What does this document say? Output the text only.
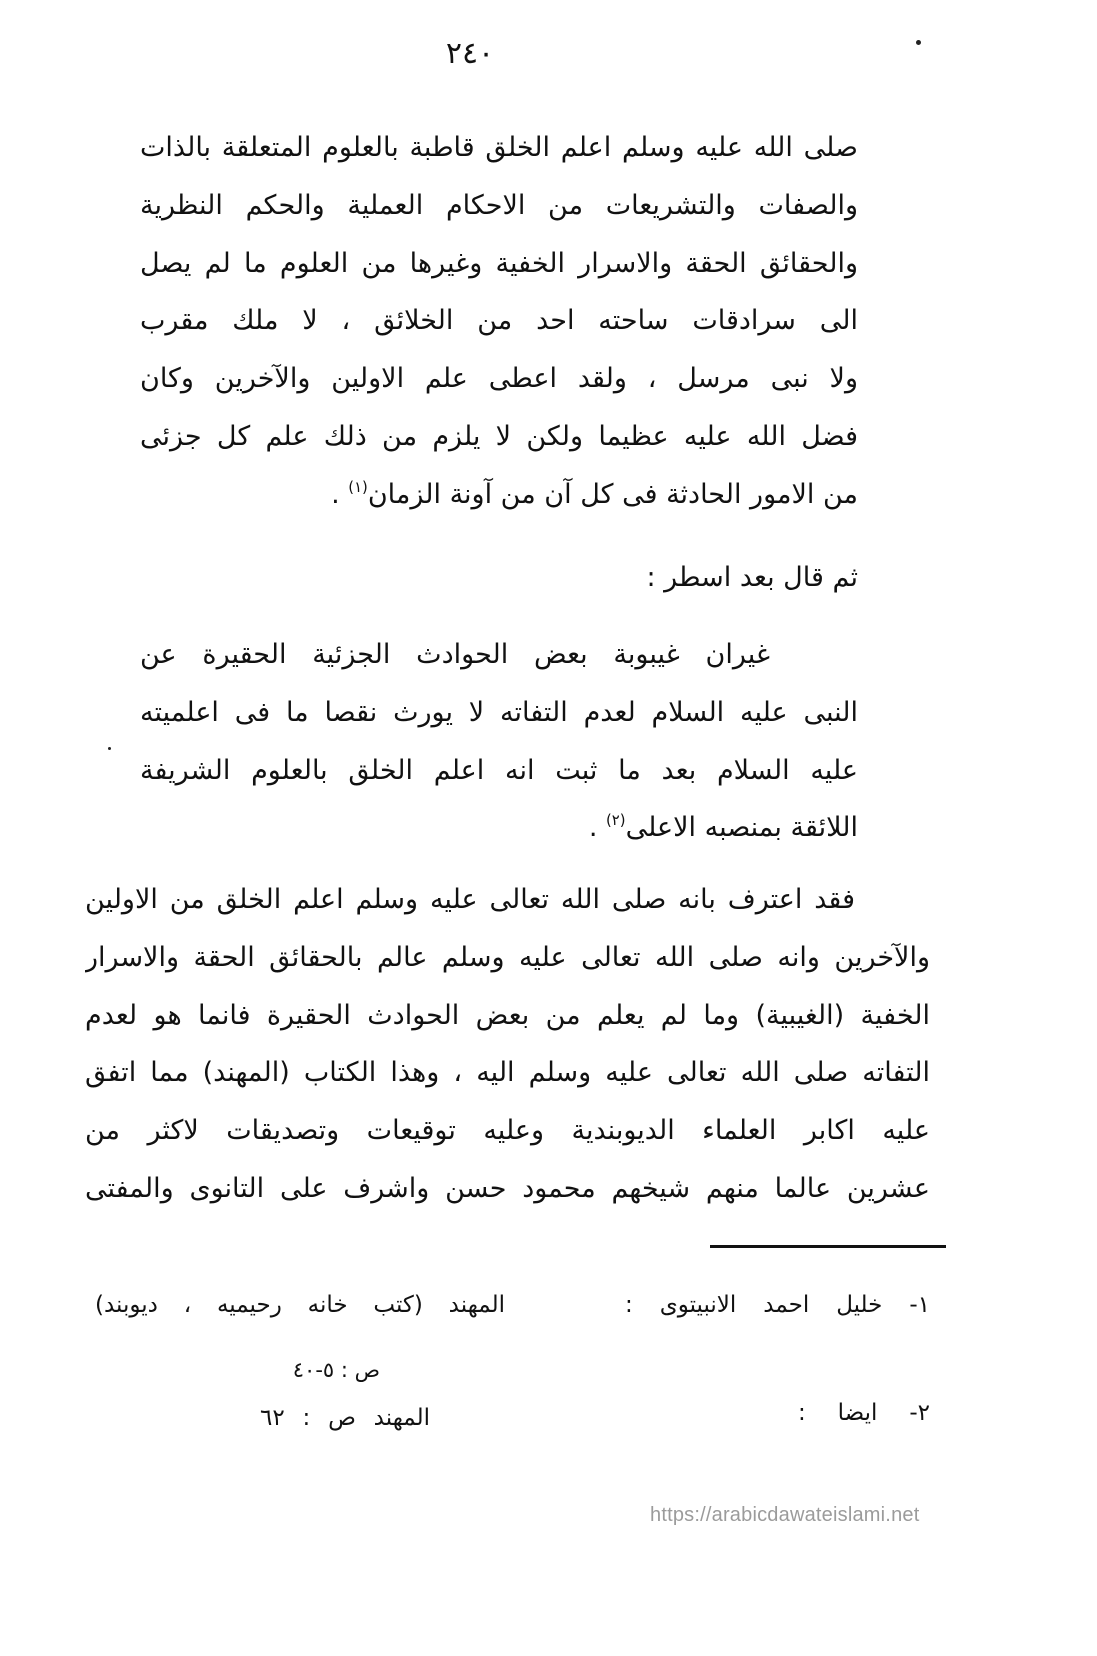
٢٤٠
صلى الله عليه وسلم اعلم الخلق قاطبة بالعلوم المتعلقة بالذات
والصفات والتشريعات من الاحكام العملية والحكم النظرية
والحقائق الحقة والاسرار الخفية وغيرها من العلوم ما لم يصل
الى سرادقات ساحته احد من الخلائق ، لا ملك مقرب
ولا نبى مرسل ، ولقد اعطى علم الاولين والآخرين وكان
فضل الله عليه عظيما ولكن لا يلزم من ذلك علم كل جزئى
من الامور الحادثة فى كل آن من آونة الزمان$^{(١)}$ .
ثم قال بعد اسطر :
غيران غيبوبة بعض الحوادث الجزئية الحقيرة عن
النبى عليه السلام لعدم التفاته لا يورث نقصا ما فى اعلميته
عليه السلام بعد ما ثبت انه اعلم الخلق بالعلوم الشريفة
اللائقة بمنصبه الاعلى$^{(٢)}$ .
فقد اعترف بانه صلى الله تعالى عليه وسلم اعلم الخلق من الاولين
والآخرين وانه صلى الله تعالى عليه وسلم عالم بالحقائق الحقة والاسرار
الخفية (الغيبية) وما لم يعلم من بعض الحوادث الحقيرة فانما هو لعدم
التفاته صلى الله تعالى عليه وسلم اليه ، وهذا الكتاب (المهند) مما اتفق
عليه اكابر العلماء الديوبندية وعليه توقيعات وتصديقات لاكثر من
عشرين عالما منهم شيخهم محمود حسن واشرف على التانوى والمفتى
١- خليل احمد الانبيتوى :
المهند (كتب خانه رحيميه ، ديوبند)
ص : ٥-٤٠
٢- ايضا :
المهند ص : ٦٢
https://arabicdawateislami.net
